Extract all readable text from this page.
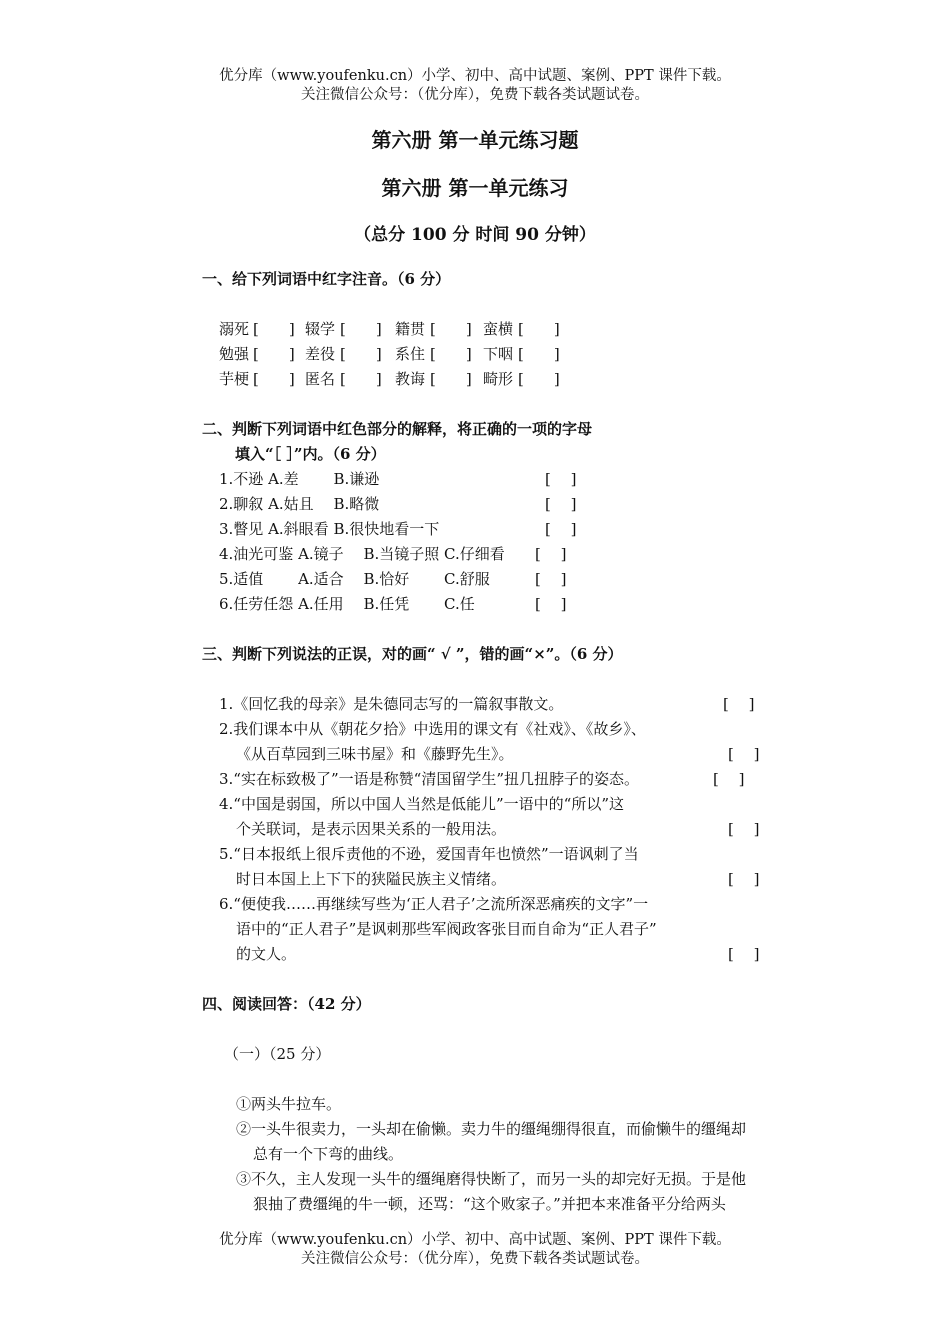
优分库（www.youfenku.cn）小学、初中、高中试题、案例、PPT 课件下载。
关注微信公众号：（优分库），免费下载各类试题试卷。
第六册 第一单元练习题
第六册 第一单元练习
（总分 100 分 时间 90 分钟）
一、给下列词语中红字注音。（6 分）
溺死 [　　] 辍学 [　　] 籍贯 [　　] 蛮横 [　　]
勉强 [　　] 差役 [　　] 系住 [　　] 下咽 [　　]
芋梗 [　　] 匿名 [　　] 教诲 [　　] 畸形 [　　]
二、判断下列词语中红色部分的解释，将正确的一项的字母
填入“［ ］”内。（6 分）
1.不逊 A.差　　 B.谦逊	[　 ]
2.聊叙 A.姑且　 B.略微	[　 ]
3.瞥见 A.斜眼看 B.很快地看一下	[　 ]
4.油光可鉴 A.镜子　 B.当镜子照 C.仔细看 [　 ]
5.适值　　 A.适合　 B.恰好　　 C.舒服	[　 ]
6.任劳任怨 A.任用　 B.任凭　　 C.任	[　 ]
三、判断下列说法的正误，对的画“ √ ”，错的画“×”。（6 分）
1.《回忆我的母亲》是朱德同志写的一篇叙事散文。	[　 ]
2.我们课本中从《朝花夕拾》中选用的课文有《社戏》、《故乡》、
《从百草园到三味书屋》和《藤野先生》。	[　 ]
3.“实在标致极了”一语是称赞“清国留学生”扭几扭脖子的姿态。	[　 ]
4.“中国是弱国，所以中国人当然是低能儿”一语中的“所以”这
个关联词，是表示因果关系的一般用法。	[　 ]
5.“日本报纸上很斥责他的不逊，爱国青年也愤然”一语讽刺了当
时日本国上上下下的狭隘民族主义情绪。	[　 ]
6.“便使我……再继续写些为‘正人君子’之流所深恶痛疾的文字”一
语中的“正人君子”是讽刺那些军阀政客张目而自命为“正人君子”
的文人。	[　 ]
四、阅读回答：（42 分）
（一）（25 分）
①两头牛拉车。
②一头牛很卖力，一头却在偷懒。卖力牛的缰绳绷得很直，而偷懒牛的缰绳却
总有一个下弯的曲线。
③不久，主人发现一头牛的缰绳磨得快断了，而另一头的却完好无损。于是他
狠抽了费缰绳的牛一顿，还骂：“这个败家子。”并把本来准备平分给两头
优分库（www.youfenku.cn）小学、初中、高中试题、案例、PPT 课件下载。
关注微信公众号：（优分库），免费下载各类试题试卷。
